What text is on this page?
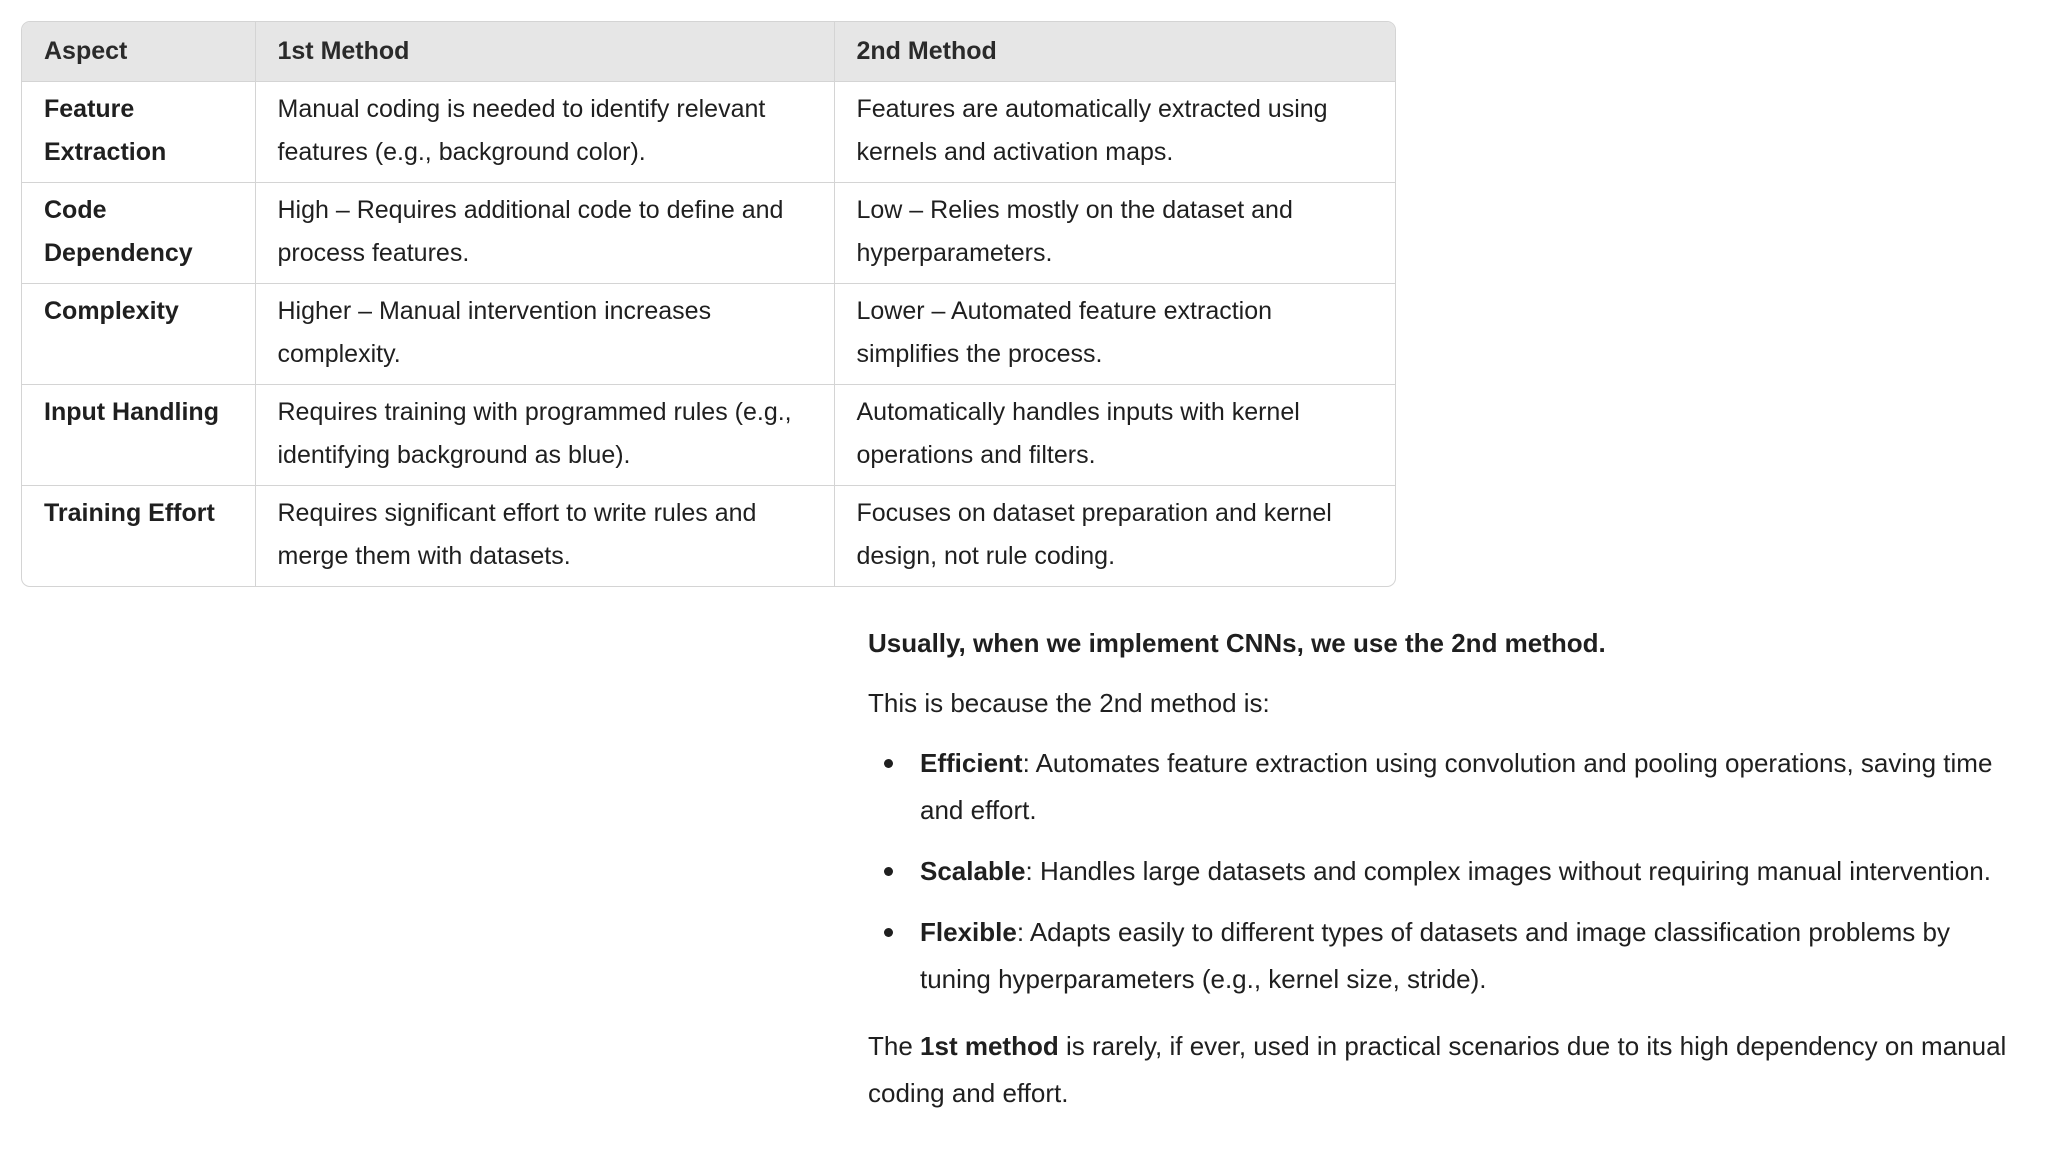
Aspect	1st Method	2nd Method
Feature Extraction	Manual coding is needed to identify relevant features (e.g., background color).	Features are automatically extracted using kernels and activation maps.
Code Dependency	High – Requires additional code to define and process features.	Low – Relies mostly on the dataset and hyperparameters.
Complexity	Higher – Manual intervention increases complexity.	Lower – Automated feature extraction simplifies the process.
Input Handling	Requires training with programmed rules (e.g., identifying background as blue).	Automatically handles inputs with kernel operations and filters.
Training Effort	Requires significant effort to write rules and merge them with datasets.	Focuses on dataset preparation and kernel design, not rule coding.

Usually, when we implement CNNs, we use the 2nd method.

This is because the 2nd method is:

Efficient: Automates feature extraction using convolution and pooling operations, saving time and effort.
Scalable: Handles large datasets and complex images without requiring manual intervention.
Flexible: Adapts easily to different types of datasets and image classification problems by tuning hyperparameters (e.g., kernel size, stride).

The 1st method is rarely, if ever, used in practical scenarios due to its high dependency on manual coding and effort.
